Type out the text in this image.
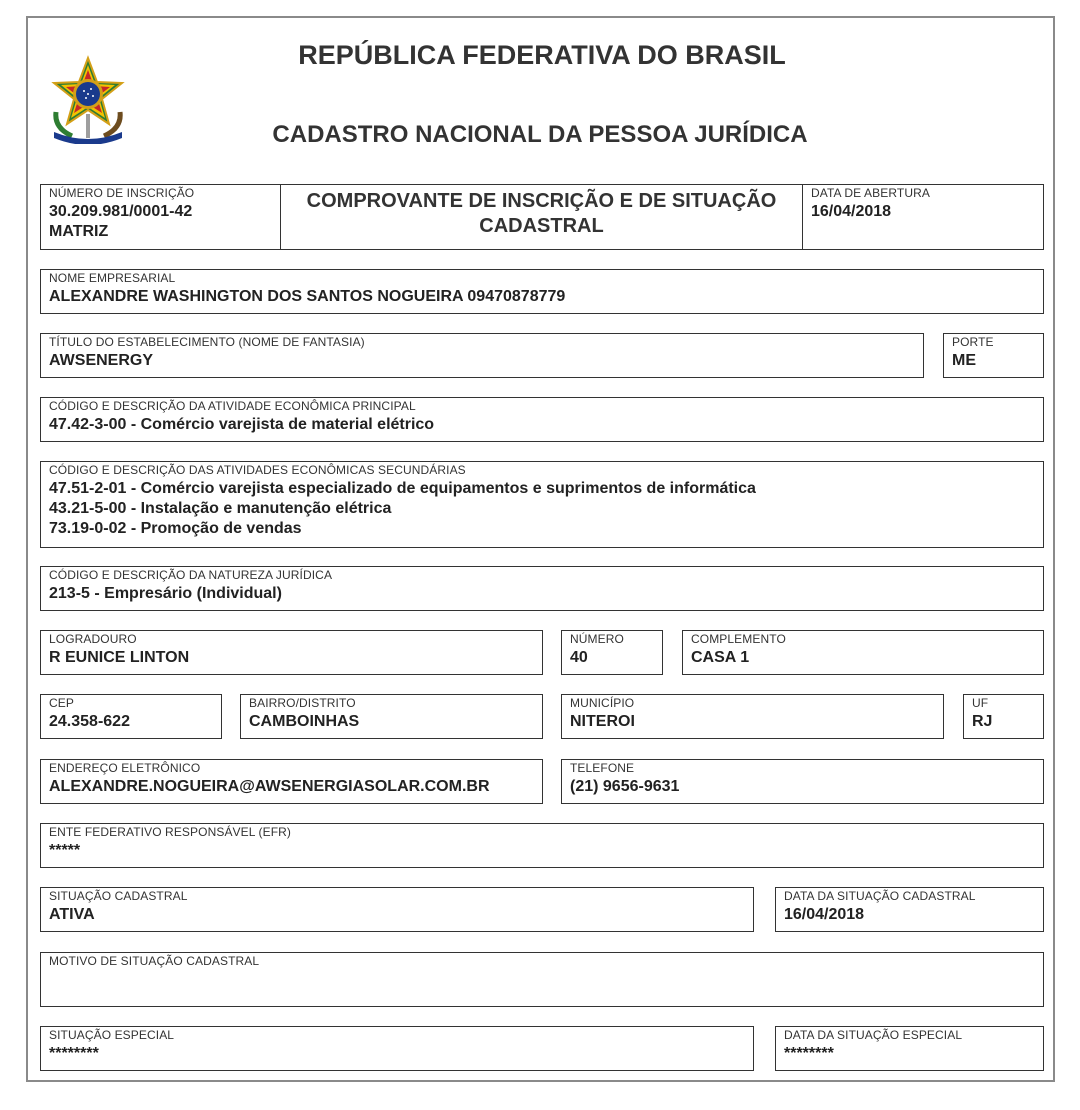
REPÚBLICA FEDERATIVA DO BRASIL
CADASTRO NACIONAL DA PESSOA JURÍDICA
NÚMERO DE INSCRIÇÃO
30.209.981/0001-42
MATRIZ
COMPROVANTE DE INSCRIÇÃO E DE SITUAÇÃO CADASTRAL
DATA DE ABERTURA
16/04/2018
NOME EMPRESARIAL
ALEXANDRE WASHINGTON DOS SANTOS NOGUEIRA 09470878779
TÍTULO DO ESTABELECIMENTO (NOME DE FANTASIA)
AWSENERGY
PORTE
ME
CÓDIGO E DESCRIÇÃO DA ATIVIDADE ECONÔMICA PRINCIPAL
47.42-3-00 - Comércio varejista de material elétrico
CÓDIGO E DESCRIÇÃO DAS ATIVIDADES ECONÔMICAS SECUNDÁRIAS
47.51-2-01 - Comércio varejista especializado de equipamentos e suprimentos de informática
43.21-5-00 - Instalação e manutenção elétrica
73.19-0-02 - Promoção de vendas
CÓDIGO E DESCRIÇÃO DA NATUREZA JURÍDICA
213-5 - Empresário (Individual)
LOGRADOURO
R EUNICE LINTON
NÚMERO
40
COMPLEMENTO
CASA 1
CEP
24.358-622
BAIRRO/DISTRITO
CAMBOINHAS
MUNICÍPIO
NITEROI
UF
RJ
ENDEREÇO ELETRÔNICO
ALEXANDRE.NOGUEIRA@AWSENERGIASOLAR.COM.BR
TELEFONE
(21) 9656-9631
ENTE FEDERATIVO RESPONSÁVEL (EFR)
*****
SITUAÇÃO CADASTRAL
ATIVA
DATA DA SITUAÇÃO CADASTRAL
16/04/2018
MOTIVO DE SITUAÇÃO CADASTRAL
SITUAÇÃO ESPECIAL
********
DATA DA SITUAÇÃO ESPECIAL
********
